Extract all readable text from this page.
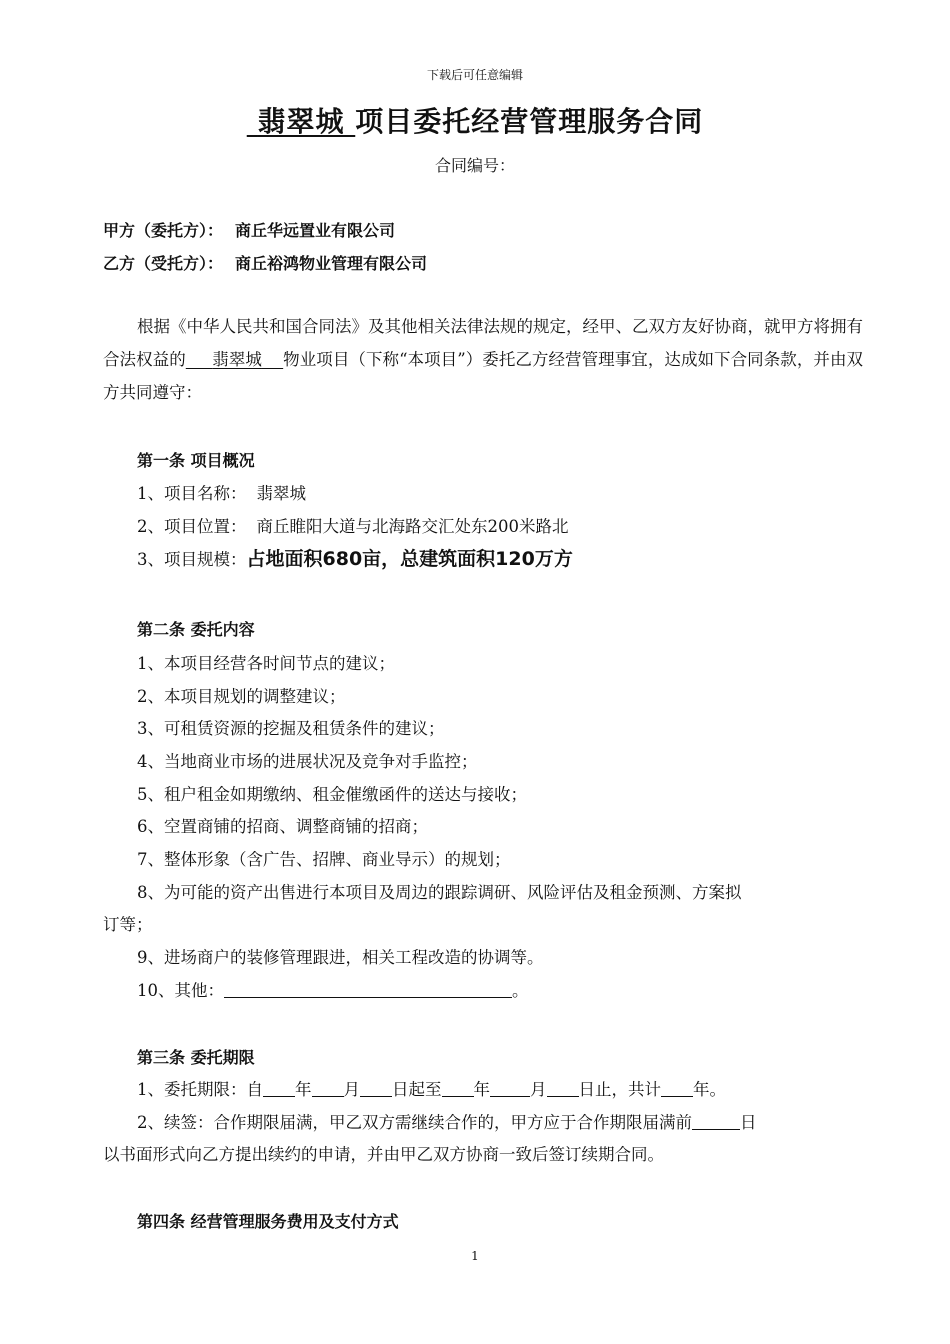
下载后可任意编辑
翡翠城 项目委托经营管理服务合同
合同编号：
甲方（委托方）： 商丘华远置业有限公司
乙方（受托方）： 商丘裕鸿物业管理有限公司
根据《中华人民共和国合同法》及其他相关法律法规的规定，经甲、乙双方友好协商，就甲方将拥有合法权益的 翡翠城 物业项目（下称“本项目”）委托乙方经营管理事宜，达成如下合同条款，并由双方共同遵守：
第一条 项目概况
1、项目名称： 翡翠城
2、项目位置： 商丘睢阳大道与北海路交汇处东200米路北
3、项目规模：占地面积680亩，总建筑面积120万方
第二条 委托内容
1、本项目经营各时间节点的建议；
2、本项目规划的调整建议；
3、可租赁资源的挖掘及租赁条件的建议；
4、当地商业市场的进展状况及竞争对手监控；
5、租户租金如期缴纳、租金催缴函件的送达与接收；
6、空置商铺的招商、调整商铺的招商；
7、整体形象（含广告、招牌、商业导示）的规划；
8、为可能的资产出售进行本项目及周边的跟踪调研、风险评估及租金预测、方案拟
订等；
9、进场商户的装修管理跟进，相关工程改造的协调等。
10、其他：	。
第三条 委托期限
1、委托期限：自 年 月 日起至 年 月 日止，共计 年。
2、续签：合作期限届满，甲乙双方需继续合作的，甲方应于合作期限届满前	日
以书面形式向乙方提出续约的申请，并由甲乙双方协商一致后签订续期合同。
第四条 经营管理服务费用及支付方式
1
